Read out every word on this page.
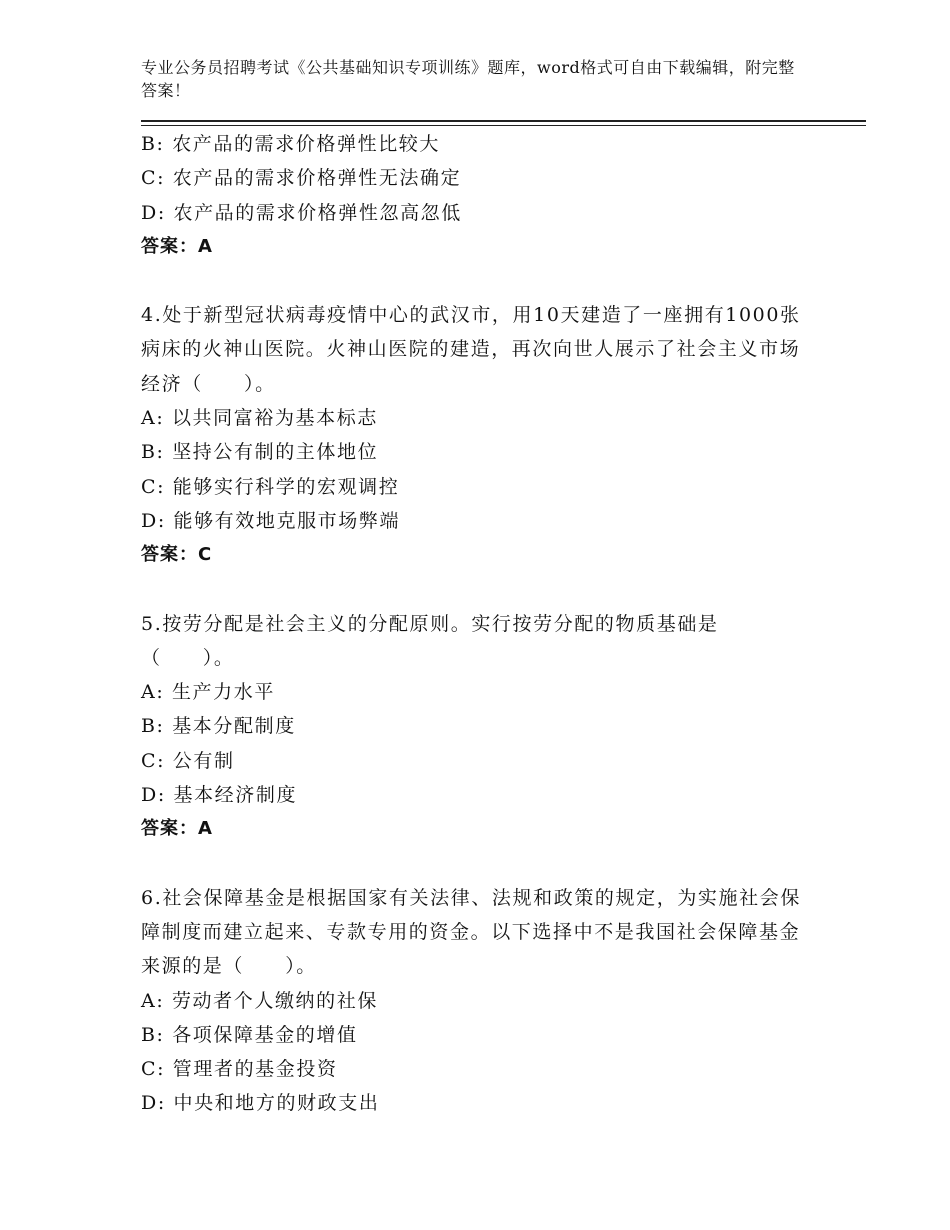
专业公务员招聘考试《公共基础知识专项训练》题库，word格式可自由下载编辑，附完整答案！
B: 农产品的需求价格弹性比较大
C: 农产品的需求价格弹性无法确定
D: 农产品的需求价格弹性忽高忽低
答案：A
4.处于新型冠状病毒疫情中心的武汉市，用10天建造了一座拥有1000张病床的火神山医院。火神山医院的建造，再次向世人展示了社会主义市场经济（　　）。
A: 以共同富裕为基本标志
B: 坚持公有制的主体地位
C: 能够实行科学的宏观调控
D: 能够有效地克服市场弊端
答案：C
5.按劳分配是社会主义的分配原则。实行按劳分配的物质基础是（　　）。
A: 生产力水平
B: 基本分配制度
C: 公有制
D: 基本经济制度
答案：A
6.社会保障基金是根据国家有关法律、法规和政策的规定，为实施社会保障制度而建立起来、专款专用的资金。以下选择中不是我国社会保障基金来源的是（　　）。
A: 劳动者个人缴纳的社保
B: 各项保障基金的增值
C: 管理者的基金投资
D: 中央和地方的财政支出
